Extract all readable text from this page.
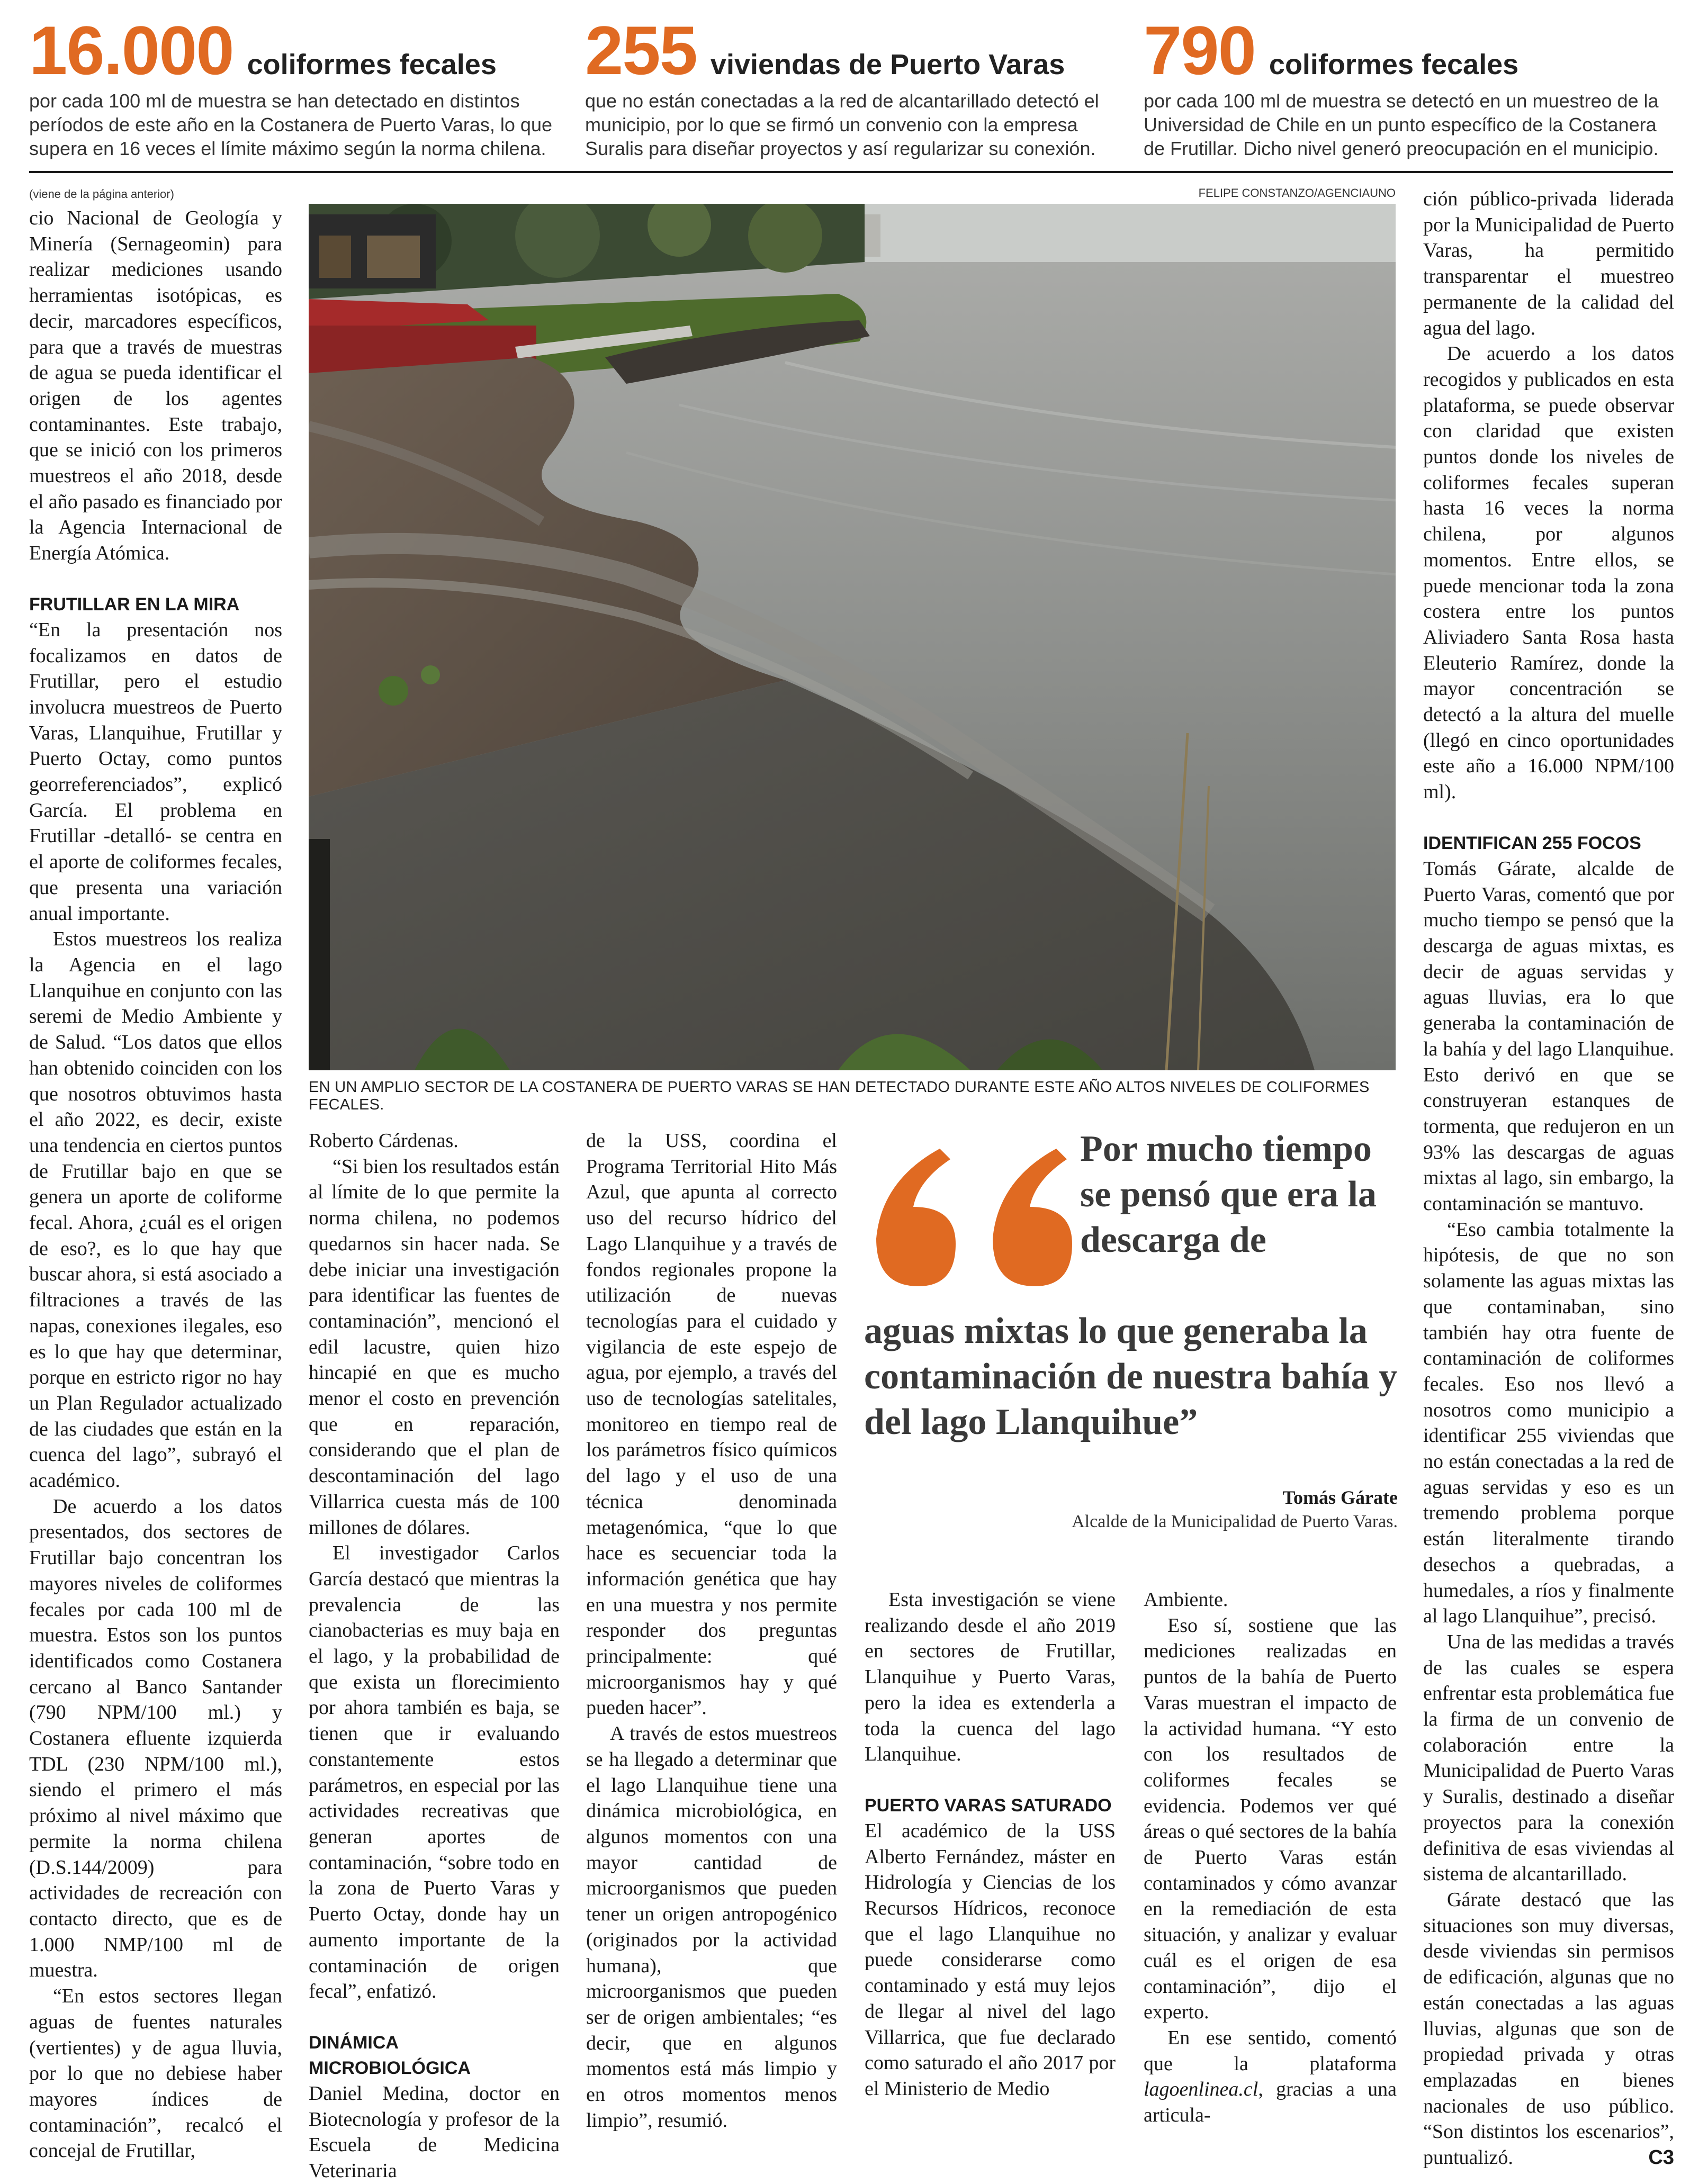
16.000 coliformes fecales
por cada 100 ml de muestra se han detectado en distintos períodos de este año en la Costanera de Puerto Varas, lo que supera en 16 veces el límite máximo según la norma chilena.
255 viviendas de Puerto Varas
que no están conectadas a la red de alcantarillado detectó el municipio, por lo que se firmó un convenio con la empresa Suralis para diseñar proyectos y así regularizar su conexión.
790 coliformes fecales
por cada 100 ml de muestra se detectó en un muestreo de la Universidad de Chile en un punto específico de la Costanera de Frutillar. Dicho nivel generó preocupación en el municipio.

(viene de la página anterior)

cio Nacional de Geología y Minería (Sernageomin) para realizar mediciones usando herramientas isotópicas, es decir, marcadores específicos, para que a través de muestras de agua se pueda identificar el origen de los agentes contaminantes. Este trabajo, que se inició con los primeros muestreos el año 2018, desde el año pasado es financiado por la Agencia Internacional de Energía Atómica.

FRUTILLAR EN LA MIRA

“En la presentación nos focalizamos en datos de Frutillar, pero el estudio involucra muestreos de Puerto Varas, Llanquihue, Frutillar y Puerto Octay, como puntos georreferenciados”, explicó García. El problema en Frutillar -detalló- se centra en el aporte de coliformes fecales, que presenta una variación anual importante.

Estos muestreos los realiza la Agencia en el lago Llanquihue en conjunto con las seremi de Medio Ambiente y de Salud. “Los datos que ellos han obtenido coinciden con los que nosotros obtuvimos hasta el año 2022, es decir, existe una tendencia en ciertos puntos de Frutillar bajo en que se genera un aporte de coliforme fecal. Ahora, ¿cuál es el origen de eso?, es lo que hay que buscar ahora, si está asociado a filtraciones a través de las napas, conexiones ilegales, eso es lo que hay que determinar, porque en estricto rigor no hay un Plan Regulador actualizado de las ciudades que están en la cuenca del lago”, subrayó el académico.

De acuerdo a los datos presentados, dos sectores de Frutillar bajo concentran los mayores niveles de coliformes fecales por cada 100 ml de muestra. Estos son los puntos identificados como Costanera cercano al Banco Santander (790 NPM/100 ml.) y Costanera efluente izquierda TDL (230 NPM/100 ml.), siendo el primero el más próximo al nivel máximo que permite la norma chilena (D.S.144/2009) para actividades de recreación con contacto directo, que es de 1.000 NMP/100 ml de muestra.

“En estos sectores llegan aguas de fuentes naturales (vertientes) y de agua lluvia, por lo que no debiese haber mayores índices de contaminación”, recalcó el concejal de Frutillar,

FELIPE CONSTANZO/AGENCIAUNO
EN UN AMPLIO SECTOR DE LA COSTANERA DE PUERTO VARAS SE HAN DETECTADO DURANTE ESTE AÑO ALTOS NIVELES DE COLIFORMES FECALES.

Roberto Cárdenas.

“Si bien los resultados están al límite de lo que permite la norma chilena, no podemos quedarnos sin hacer nada. Se debe iniciar una investigación para identificar las fuentes de contaminación”, mencionó el edil lacustre, quien hizo hincapié en que es mucho menor el costo en prevención que en reparación, considerando que el plan de descontaminación del lago Villarrica cuesta más de 100 millones de dólares.

El investigador Carlos García destacó que mientras la prevalencia de las cianobacterias es muy baja en el lago, y la probabilidad de que exista un florecimiento por ahora también es baja, se tienen que ir evaluando constantemente estos parámetros, en especial por las actividades recreativas que generan aportes de contaminación, “sobre todo en la zona de Puerto Varas y Puerto Octay, donde hay un aumento importante de la contaminación de origen fecal”, enfatizó.

DINÁMICA MICROBIOLÓGICA

Daniel Medina, doctor en Biotecnología y profesor de la Escuela de Medicina Veterinaria

de la USS, coordina el Programa Territorial Hito Más Azul, que apunta al correcto uso del recurso hídrico del Lago Llanquihue y a través de fondos regionales propone la utilización de nuevas tecnologías para el cuidado y vigilancia de este espejo de agua, por ejemplo, a través del uso de tecnologías satelitales, monitoreo en tiempo real de los parámetros físico químicos del lago y el uso de una técnica denominada metagenómica, “que lo que hace es secuenciar toda la información genética que hay en una muestra y nos permite responder dos preguntas principalmente: qué microorganismos hay y qué pueden hacer”.

A través de estos muestreos se ha llegado a determinar que el lago Llanquihue tiene una dinámica microbiológica, en algunos momentos con una mayor cantidad de microorganismos que pueden tener un origen antropogénico (originados por la actividad humana), que microorganismos que pueden ser de origen ambientales; “es decir, que en algunos momentos está más limpio y en otros momentos menos limpio”, resumió.

Por mucho tiempo se pensó que era la descarga de
aguas mixtas lo que generaba la contaminación de nuestra bahía y del lago Llanquihue”
Tomás Gárate
Alcalde de la Municipalidad de Puerto Varas.

Esta investigación se viene realizando desde el año 2019 en sectores de Frutillar, Llanquihue y Puerto Varas, pero la idea es extenderla a toda la cuenca del lago Llanquihue.

PUERTO VARAS SATURADO

El académico de la USS Alberto Fernández, máster en Hidrología y Ciencias de los Recursos Hídricos, reconoce que el lago Llanquihue no puede considerarse como contaminado y está muy lejos de llegar al nivel del lago Villarrica, que fue declarado como saturado el año 2017 por el Ministerio de Medio

Ambiente.

Eso sí, sostiene que las mediciones realizadas en puntos de la bahía de Puerto Varas muestran el impacto de la actividad humana. “Y esto con los resultados de coliformes fecales se evidencia. Podemos ver qué áreas o qué sectores de la bahía de Puerto Varas están contaminados y cómo avanzar en la remediación de esta situación, y analizar y evaluar cuál es el origen de esa contaminación”, dijo el experto.

En ese sentido, comentó que la plataforma lagoenlinea.cl, gracias a una articula-

ción público-privada liderada por la Municipalidad de Puerto Varas, ha permitido transparentar el muestreo permanente de la calidad del agua del lago.

De acuerdo a los datos recogidos y publicados en esta plataforma, se puede observar con claridad que existen puntos donde los niveles de coliformes fecales superan hasta 16 veces la norma chilena, por algunos momentos. Entre ellos, se puede mencionar toda la zona costera entre los puntos Aliviadero Santa Rosa hasta Eleuterio Ramírez, donde la mayor concentración se detectó a la altura del muelle (llegó en cinco oportunidades este año a 16.000 NPM/100 ml).

IDENTIFICAN 255 FOCOS

Tomás Gárate, alcalde de Puerto Varas, comentó que por mucho tiempo se pensó que la descarga de aguas mixtas, es decir de aguas servidas y aguas lluvias, era lo que generaba la contaminación de la bahía y del lago Llanquihue. Esto derivó en que se construyeran estanques de tormenta, que redujeron en un 93% las descargas de aguas mixtas al lago, sin embargo, la contaminación se mantuvo.

“Eso cambia totalmente la hipótesis, de que no son solamente las aguas mixtas las que contaminaban, sino también hay otra fuente de contaminación de coliformes fecales. Eso nos llevó a nosotros como municipio a identificar 255 viviendas que no están conectadas a la red de aguas servidas y eso es un tremendo problema porque están literalmente tirando desechos a quebradas, a humedales, a ríos y finalmente al lago Llanquihue”, precisó.

Una de las medidas a través de las cuales se espera enfrentar esta problemática fue la firma de un convenio de colaboración entre la Municipalidad de Puerto Varas y Suralis, destinado a diseñar proyectos para la conexión definitiva de esas viviendas al sistema de alcantarillado.

Gárate destacó que las situaciones son muy diversas, desde viviendas sin permisos de edificación, algunas que no están conectadas a las aguas lluvias, algunas que son de propiedad privada y otras emplazadas en bienes nacionales de uso público. “Son distintos los escenarios”, puntualizó.	C3
